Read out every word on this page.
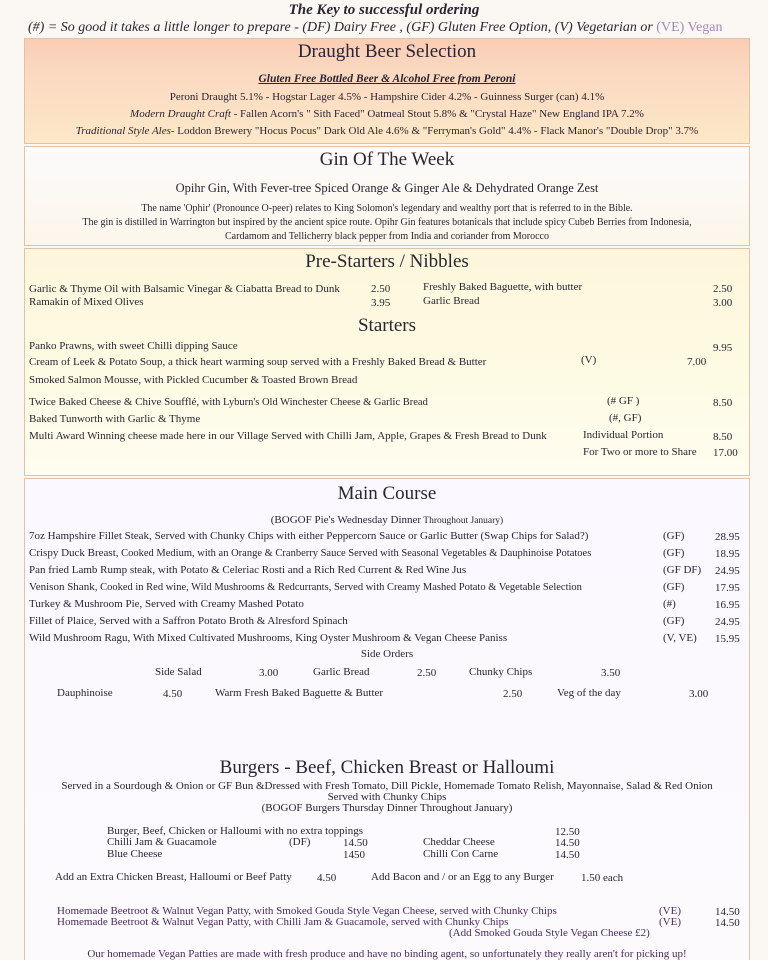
The Key to successful ordering
(#) = So good it takes a little longer to prepare - (DF) Dairy Free , (GF) Gluten Free Option, (V) Vegetarian or (VE) Vegan
Draught Beer Selection
Gluten Free Bottled Beer & Alcohol Free from Peroni
Peroni Draught 5.1% - Hogstar Lager 4.5% - Hampshire Cider 4.2% - Guinness Surger (can) 4.1%
Modern Draught Craft - Fallen Acorn's " Sith Faced" Oatmeal Stout 5.8% & "Crystal Haze" New England IPA 7.2%
Traditional Style Ales- Loddon Brewery "Hocus Pocus" Dark Old Ale 4.6% & "Ferryman's Gold" 4.4% - Flack Manor's "Double Drop" 3.7%
Gin Of The Week
Opihr Gin, With Fever-tree Spiced Orange & Ginger Ale & Dehydrated Orange Zest
The name 'Ophir' (Pronounce O-peer) relates to King Solomon's legendary and wealthy port that is referred to in the Bible.
The gin is distilled in Warrington but inspired by the ancient spice route. Opihr Gin features botanicals that include spicy Cubeb Berries from Indonesia,
Cardamom and Tellicherry black pepper from India and coriander from Morocco
Pre-Starters / Nibbles
Garlic & Thyme Oil with Balsamic Vinegar & Ciabatta Bread to Dunk	2.50
Ramakin of Mixed Olives	3.95
Freshly Baked Baguette, with butter	2.50
Garlic Bread	3.00
Starters
Panko Prawns, with sweet Chilli dipping Sauce	9.95
Cream of Leek & Potato Soup, a thick heart warming soup served with a Freshly Baked Bread & Butter	(V)	7.00
Smoked Salmon Mousse, with Pickled Cucumber & Toasted Brown Bread
Twice Baked Cheese & Chive Soufflé, with Lyburn's Old Winchester Cheese & Garlic Bread	(# GF )	8.50
Baked Tunworth with Garlic & Thyme	(#, GF)
Multi Award Winning cheese made here in our Village Served with Chilli Jam, Apple, Grapes & Fresh Bread to Dunk	Individual Portion	8.50
For Two or more to Share 17.00
Main Course
(BOGOF Pie's Wednesday Dinner Throughout January)
7oz Hampshire Fillet Steak, Served with Chunky Chips with either Peppercorn Sauce or Garlic Butter (Swap Chips for Salad?)	(GF)	28.95
Crispy Duck Breast, Cooked Medium, with an Orange & Cranberry Sauce Served with Seasonal Vegetables & Dauphinoise Potatoes	(GF)	18.95
Pan fried Lamb Rump steak, with Potato & Celeriac Rosti and a Rich Red Current & Red Wine Jus	(GF DF) 24.95
Venison Shank, Cooked in Red wine, Wild Mushrooms & Redcurrants, Served with Creamy Mashed Potato & Vegetable Selection	(GF)	17.95
Turkey & Mushroom Pie, Served with Creamy Mashed Potato	(#)	16.95
Fillet of Plaice, Served with a Saffron Potato Broth & Alresford Spinach	(GF)	24.95
Wild Mushroom Ragu, With Mixed Cultivated Mushrooms, King Oyster Mushroom & Vegan Cheese Paniss	(V, VE) 15.95
Side Orders
Side Salad	3.00	Garlic Bread	2.50	Chunky Chips	3.50
Dauphinoise	4.50	Warm Fresh Baked Baguette & Butter	2.50	Veg of the day	3.00
Burgers - Beef, Chicken Breast or Halloumi
Served in a Sourdough & Onion or GF Bun &Dressed with Fresh Tomato, Dill Pickle, Homemade Tomato Relish, Mayonnaise, Salad & Red Onion
Served with Chunky Chips
(BOGOF Burgers Thursday Dinner Throughout January)
Burger, Beef, Chicken or Halloumi with no extra toppings	12.50
Chilli Jam & Guacamole	(DF)	14.50
Blue Cheese	1450
Cheddar Cheese	14.50
Chilli Con Carne	14.50
Add an Extra Chicken Breast, Halloumi or Beef Patty 4.50	Add Bacon and / or an Egg to any Burger 1.50 each
Homemade Beetroot & Walnut Vegan Patty, with Smoked Gouda Style Vegan Cheese, served with Chunky Chips	(VE)	14.50
Homemade Beetroot & Walnut Vegan Patty, with Chilli Jam & Guacamole, served with Chunky Chips	(VE)	14.50
(Add Smoked Gouda Style Vegan Cheese £2)
Our homemade Vegan Patties are made with fresh produce and have no binding agent, so unfortunately they really aren't for picking up!
